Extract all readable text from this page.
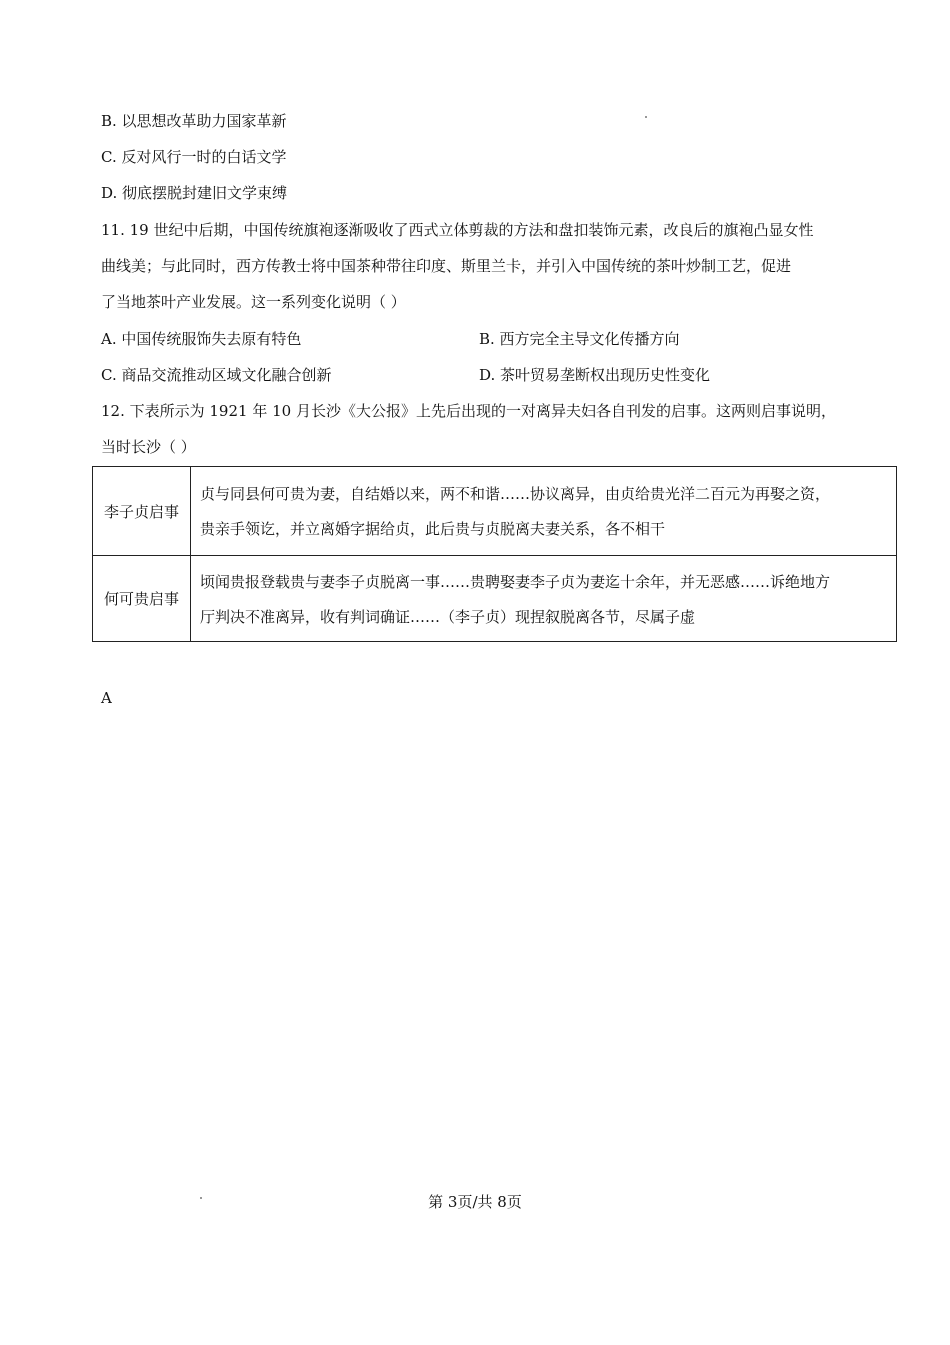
B. 以思想改革助力国家革新
C. 反对风行一时的白话文学
D. 彻底摆脱封建旧文学束缚
11. 19 世纪中后期，中国传统旗袍逐渐吸收了西式立体剪裁的方法和盘扣装饰元素，改良后的旗袍凸显女性
曲线美；与此同时，西方传教士将中国茶种带往印度、斯里兰卡，并引入中国传统的茶叶炒制工艺，促进
了当地茶叶产业发展。这一系列变化说明（ ）
A. 中国传统服饰失去原有特色	B. 西方完全主导文化传播方向
C. 商品交流推动区域文化融合创新	D. 茶叶贸易垄断权出现历史性变化
12. 下表所示为 1921 年 10 月长沙《大公报》上先后出现的一对离异夫妇各自刊发的启事。这两则启事说明，
当时长沙（ ）
李子贞启事	贞与同县何可贵为妻，自结婚以来，两不和谐……协议离异，由贞给贵光洋二百元为再娶之资，
贵亲手领讫，并立离婚字据给贞，此后贵与贞脱离夫妻关系，各不相干

何可贵启事	顷闻贵报登载贵与妻李子贞脱离一事……贵聘娶妻李子贞为妻迄十余年，并无恶感……诉绝地方
厅判决不准离异，收有判词确证……（李子贞）现捏叙脱离各节，尽属子虚
A
第 3页/共 8页
